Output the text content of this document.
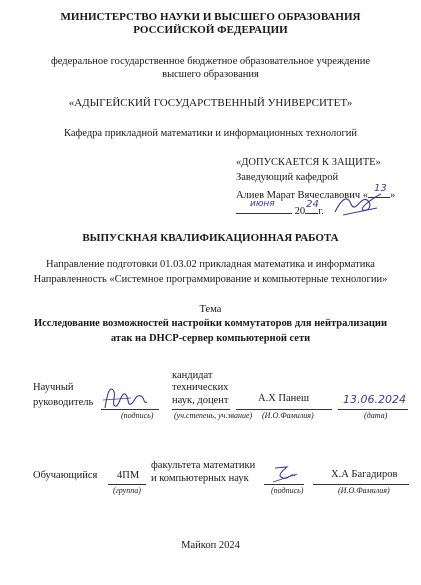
МИНИСТЕРСТВО НАУКИ И ВЫСШЕГО ОБРАЗОВАНИЯ
РОССИЙСКОЙ ФЕДЕРАЦИИ
федеральное государственное бюджетное образовательное учреждение
высшего образования
«АДЫГЕЙСКИЙ ГОСУДАРСТВЕННЫЙ УНИВЕРСИТЕТ»
Кафедра прикладной математики и информационных технологий
«ДОПУСКАЕТСЯ К ЗАЩИТЕ»
Заведующий кафедрой
Алиев Марат Вячеславович «
13
»
июня
20
24
г.
ВЫПУСКНАЯ КВАЛИФИКАЦИОННАЯ РАБОТА
Направление подготовки 01.03.02 прикладная математика и информатика
Направленность «Системное программирование и компьютерные технологии»
Тема
Исследование возможностей настройки коммутаторов для нейтрализации
атак на DHCP-сервер компьютерной сети
Научный
руководитель
(подпись)
кандидат
технических
наук, доцент
(уч.степень, уч.звание)
А.Х Панеш
(И.О.Фамилия)
13.06.2024
(дата)
Обучающийся 4ПМ
(группа)
факультета математики
и компьютерных наук
(подпись)
Х.А Багадиров
(И.О.Фамилия)
Майкоп 2024
